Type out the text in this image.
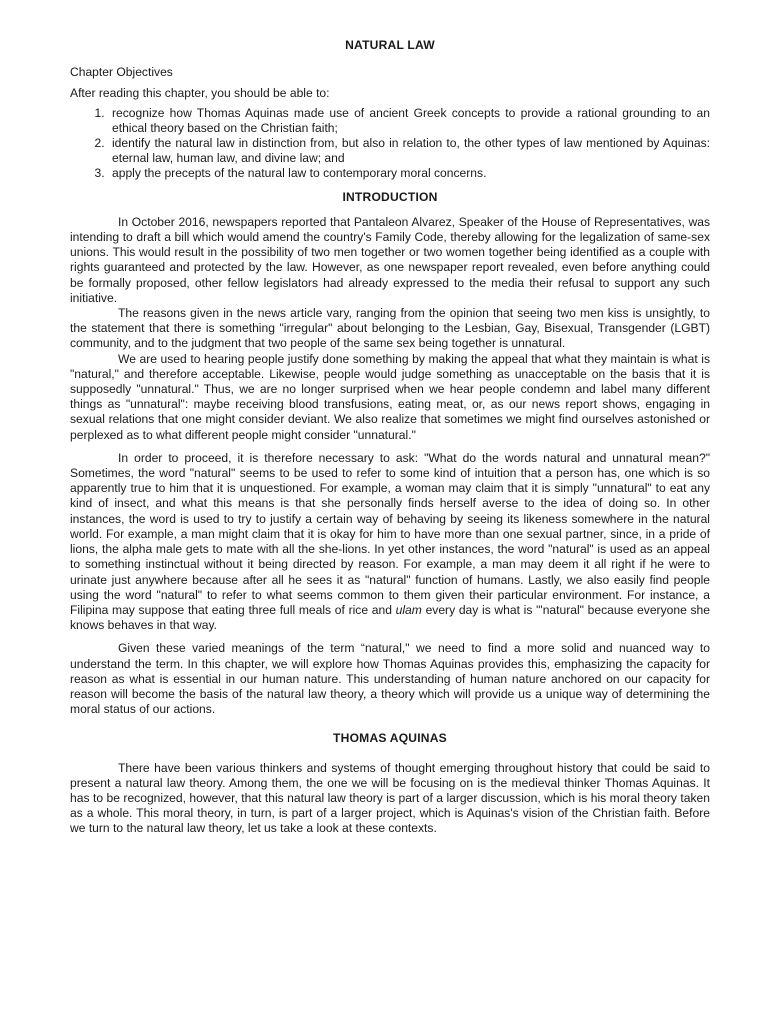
NATURAL LAW
Chapter Objectives
After reading this chapter, you should be able to:
1. recognize how Thomas Aquinas made use of ancient Greek concepts to provide a rational grounding to an ethical theory based on the Christian faith;
2. identify the natural law in distinction from, but also in relation to, the other types of law mentioned by Aquinas: eternal law, human law, and divine law; and
3. apply the precepts of the natural law to contemporary moral concerns.
INTRODUCTION

In October 2016, newspapers reported that Pantaleon Alvarez, Speaker of the House of Representatives, was intending to draft a bill which would amend the country's Family Code, thereby allowing for the legalization of same-sex unions. This would result in the possibility of two men together or two women together being identified as a couple with rights guaranteed and protected by the law. However, as one newspaper report revealed, even before anything could be formally proposed, other fellow legislators had already expressed to the media their refusal to support any such initiative.

The reasons given in the news article vary, ranging from the opinion that seeing two men kiss is unsightly, to the statement that there is something "irregular" about belonging to the Lesbian, Gay, Bisexual, Transgender (LGBT) community, and to the judgment that two people of the same sex being together is unnatural.

We are used to hearing people justify done something by making the appeal that what they maintain is what is "natural," and therefore acceptable. Likewise, people would judge something as unacceptable on the basis that it is supposedly "unnatural." Thus, we are no longer surprised when we hear people condemn and label many different things as "unnatural": maybe receiving blood transfusions, eating meat, or, as our news report shows, engaging in sexual relations that one might consider deviant. We also realize that sometimes we might find ourselves astonished or perplexed as to what different people might consider "unnatural."

In order to proceed, it is therefore necessary to ask: "What do the words natural and unnatural mean?" Sometimes, the word "natural" seems to be used to refer to some kind of intuition that a person has, one which is so apparently true to him that it is unquestioned. For example, a woman may claim that it is simply "unnatural" to eat any kind of insect, and what this means is that she personally finds herself averse to the idea of doing so. In other instances, the word is used to try to justify a certain way of behaving by seeing its likeness somewhere in the natural world. For example, a man might claim that it is okay for him to have more than one sexual partner, since, in a pride of lions, the alpha male gets to mate with all the she-lions. In yet other instances, the word "natural" is used as an appeal to something instinctual without it being directed by reason. For example, a man may deem it all right if he were to urinate just anywhere because after all he sees it as "natural" function of humans. Lastly, we also easily find people using the word "natural" to refer to what seems common to them given their particular environment. For instance, a Filipina may suppose that eating three full meals of rice and ulam every day is what is "'natural" because everyone she knows behaves in that way.

Given these varied meanings of the term “natural," we need to find a more solid and nuanced way to understand the term. In this chapter, we will explore how Thomas Aquinas provides this, emphasizing the capacity for reason as what is essential in our human nature. This understanding of human nature anchored on our capacity for reason will become the basis of the natural law theory, a theory which will provide us a unique way of determining the moral status of our actions.

THOMAS AQUINAS

There have been various thinkers and systems of thought emerging throughout history that could be said to present a natural law theory. Among them, the one we will be focusing on is the medieval thinker Thomas Aquinas. It has to be recognized, however, that this natural law theory is part of a larger discussion, which is his moral theory taken as a whole. This moral theory, in turn, is part of a larger project, which is Aquinas's vision of the Christian faith. Before we turn to the natural law theory, let us take a look at these contexts.
